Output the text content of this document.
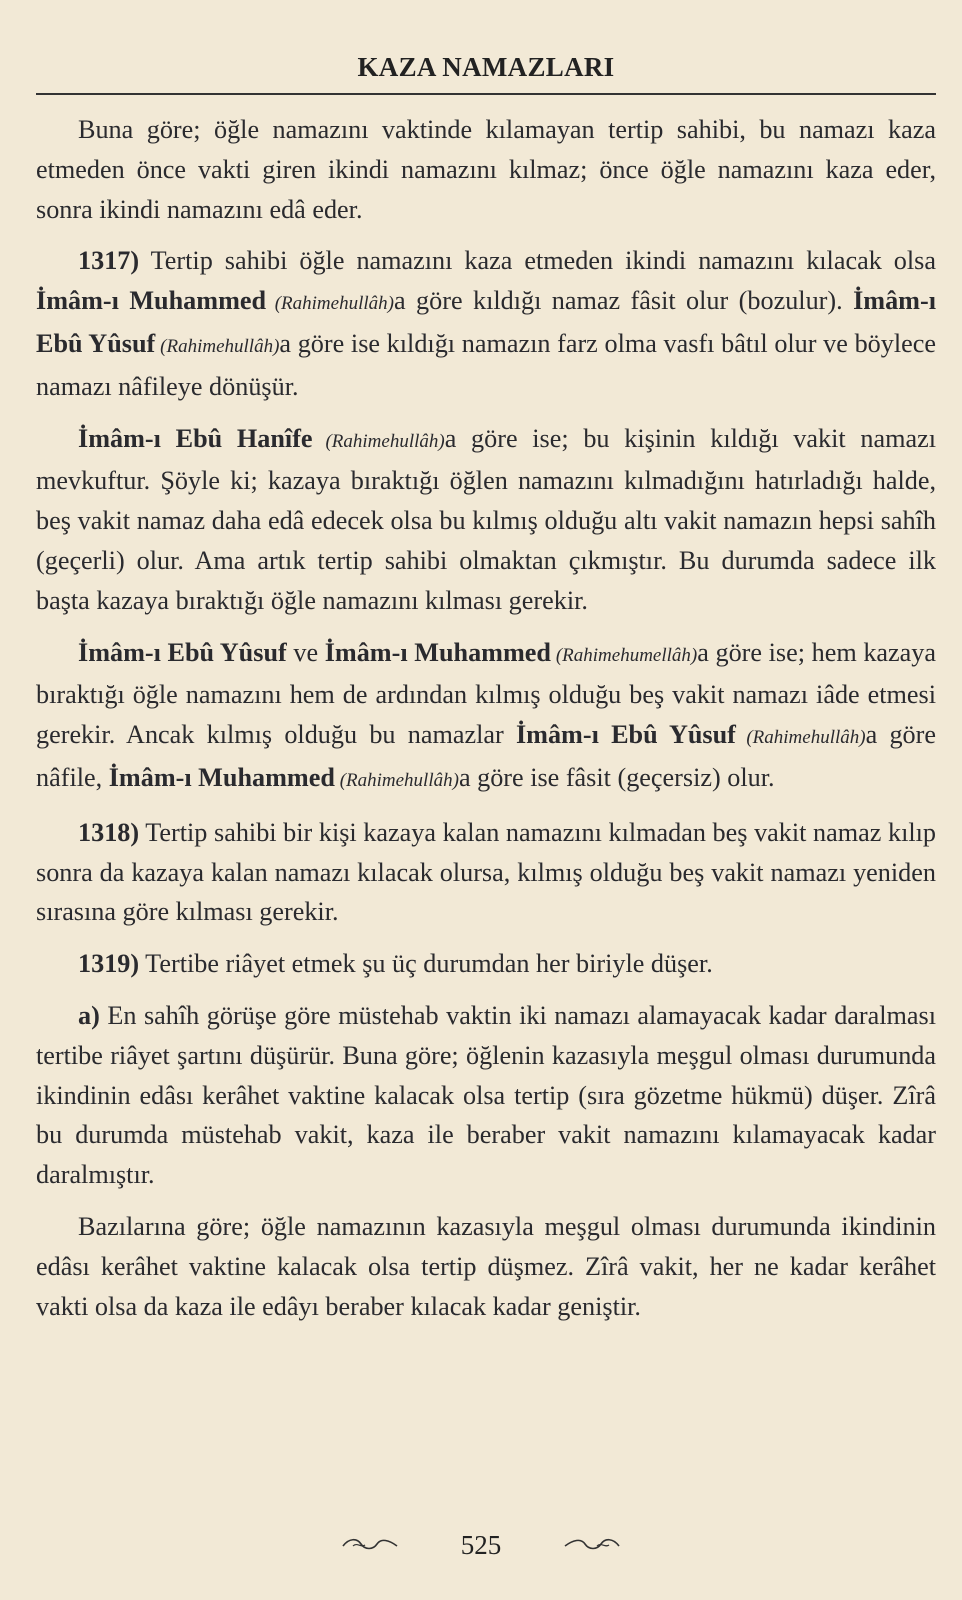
KAZA NAMAZLARI

Buna göre; öğle namazını vaktinde kılamayan tertip sahibi, bu namazı kaza etmeden önce vakti giren ikindi namazını kılmaz; önce öğle namazını kaza eder, sonra ikindi namazını edâ eder.

1317) Tertip sahibi öğle namazını kaza etmeden ikindi namazını kılacak olsa İmâm-ı Muhammed (Rahimehullâh)a göre kıldığı namaz fâsit olur (bozulur). İmâm-ı Ebû Yûsuf (Rahimehullâh)a göre ise kıldığı namazın farz olma vasfı bâtıl olur ve böylece namazı nâfileye dönüşür.

İmâm-ı Ebû Hanîfe (Rahimehullâh)a göre ise; bu kişinin kıldığı vakit namazı mevkuftur. Şöyle ki; kazaya bıraktığı öğlen namazını kılmadığını hatırladığı halde, beş vakit namaz daha edâ edecek olsa bu kılmış olduğu altı vakit namazın hepsi sahîh (geçerli) olur. Ama artık tertip sahibi olmaktan çıkmıştır. Bu durumda sadece ilk başta kazaya bıraktığı öğle namazını kılması gerekir.

İmâm-ı Ebû Yûsuf ve İmâm-ı Muhammed (Rahimehumellâh)a göre ise; hem kazaya bıraktığı öğle namazını hem de ardından kılmış olduğu beş vakit namazı iâde etmesi gerekir. Ancak kılmış olduğu bu namazlar İmâm-ı Ebû Yûsuf (Rahimehullâh)a göre nâfile, İmâm-ı Muhammed (Rahimehullâh)a göre ise fâsit (geçersiz) olur.

1318) Tertip sahibi bir kişi kazaya kalan namazını kılmadan beş vakit namaz kılıp sonra da kazaya kalan namazı kılacak olursa, kılmış olduğu beş vakit namazı yeniden sırasına göre kılması gerekir.

1319) Tertibe riâyet etmek şu üç durumdan her biriyle düşer.

a) En sahîh görüşe göre müstehab vaktin iki namazı alamayacak kadar daralması tertibe riâyet şartını düşürür. Buna göre; öğlenin kazasıyla meşgul olması durumunda ikindinin edâsı kerâhet vaktine kalacak olsa tertip (sıra gözetme hükmü) düşer. Zîrâ bu durumda müstehab vakit, kaza ile beraber vakit namazını kılamayacak kadar daralmıştır.

Bazılarına göre; öğle namazının kazasıyla meşgul olması durumunda ikindinin edâsı kerâhet vaktine kalacak olsa tertip düşmez. Zîrâ vakit, her ne kadar kerâhet vakti olsa da kaza ile edâyı beraber kılacak kadar geniştir.

525
